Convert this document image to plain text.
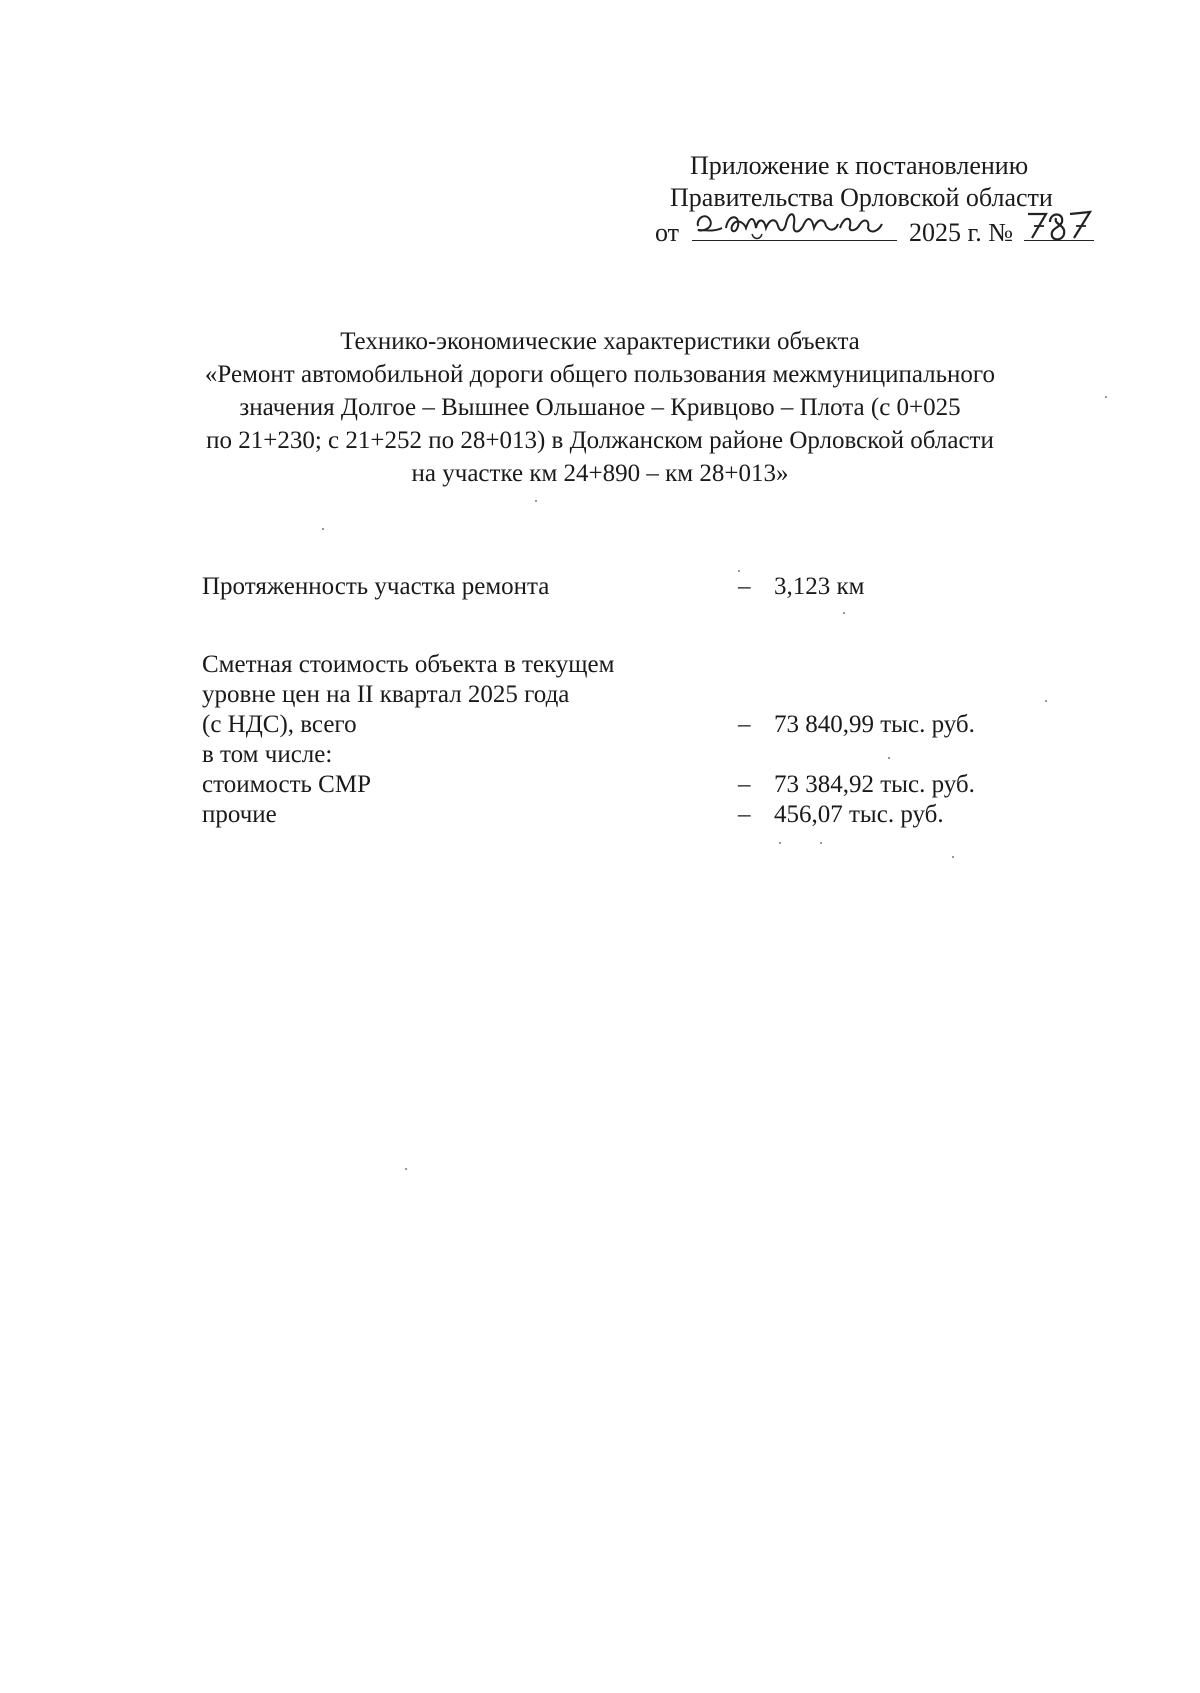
Приложение к постановлению
Правительства Орловской области
от	2025 г. №
Технико-экономические характеристики объекта
«Ремонт автомобильной дороги общего пользования межмуниципального
значения Долгое – Вышнее Ольшаное – Кривцово – Плота (с 0+025
по 21+230; с 21+252 по 28+013) в Должанском районе Орловской области
на участке км 24+890 – км 28+013»
Протяженность участка ремонта	– 3,123 км
Сметная стоимость объекта в текущем
уровне цен на II квартал 2025 года
(с НДС), всего	– 73 840,99 тыс. руб.
в том числе:
стоимость СМР	– 73 384,92 тыс. руб.
прочие	– 456,07 тыс. руб.
